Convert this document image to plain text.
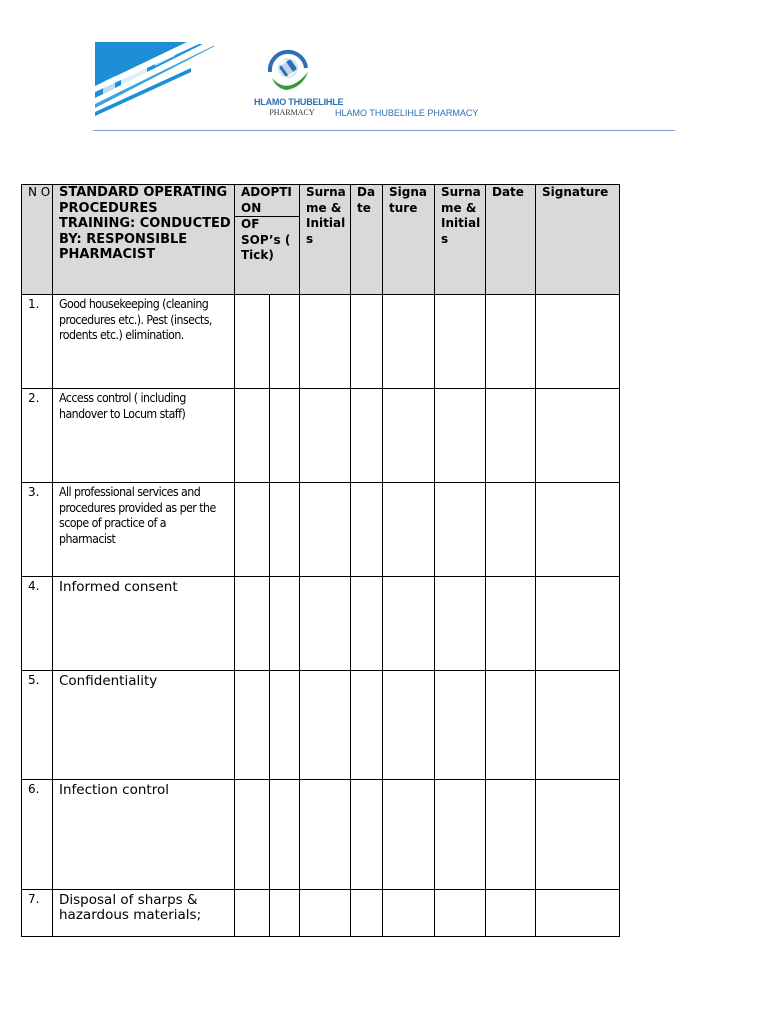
HLAMO THUBELIHLE
PHARMACY	HLAMO THUBELIHLE PHARMACY
N O	STANDARD OPERATING PROCEDURES TRAINING: CONDUCTED BY: RESPONSIBLE PHARMACIST	ADOPTI ON		Surna me & Initial s	Da te	Signa ture	Surna me & Initial s	Date	Signature
		OF SOP’s ( Tick)							
1.	Good housekeeping (cleaning procedures etc.). Pest (insects, rodents etc.) elimination.								

2.	Access control ( including handover to Locum staff)								

3.	All professional services and procedures provided as per the scope of practice of a pharmacist								

4.	Informed consent								

5.	Confidentiality								

6.	Infection control								

7.	Disposal of sharps & hazardous materials;								
